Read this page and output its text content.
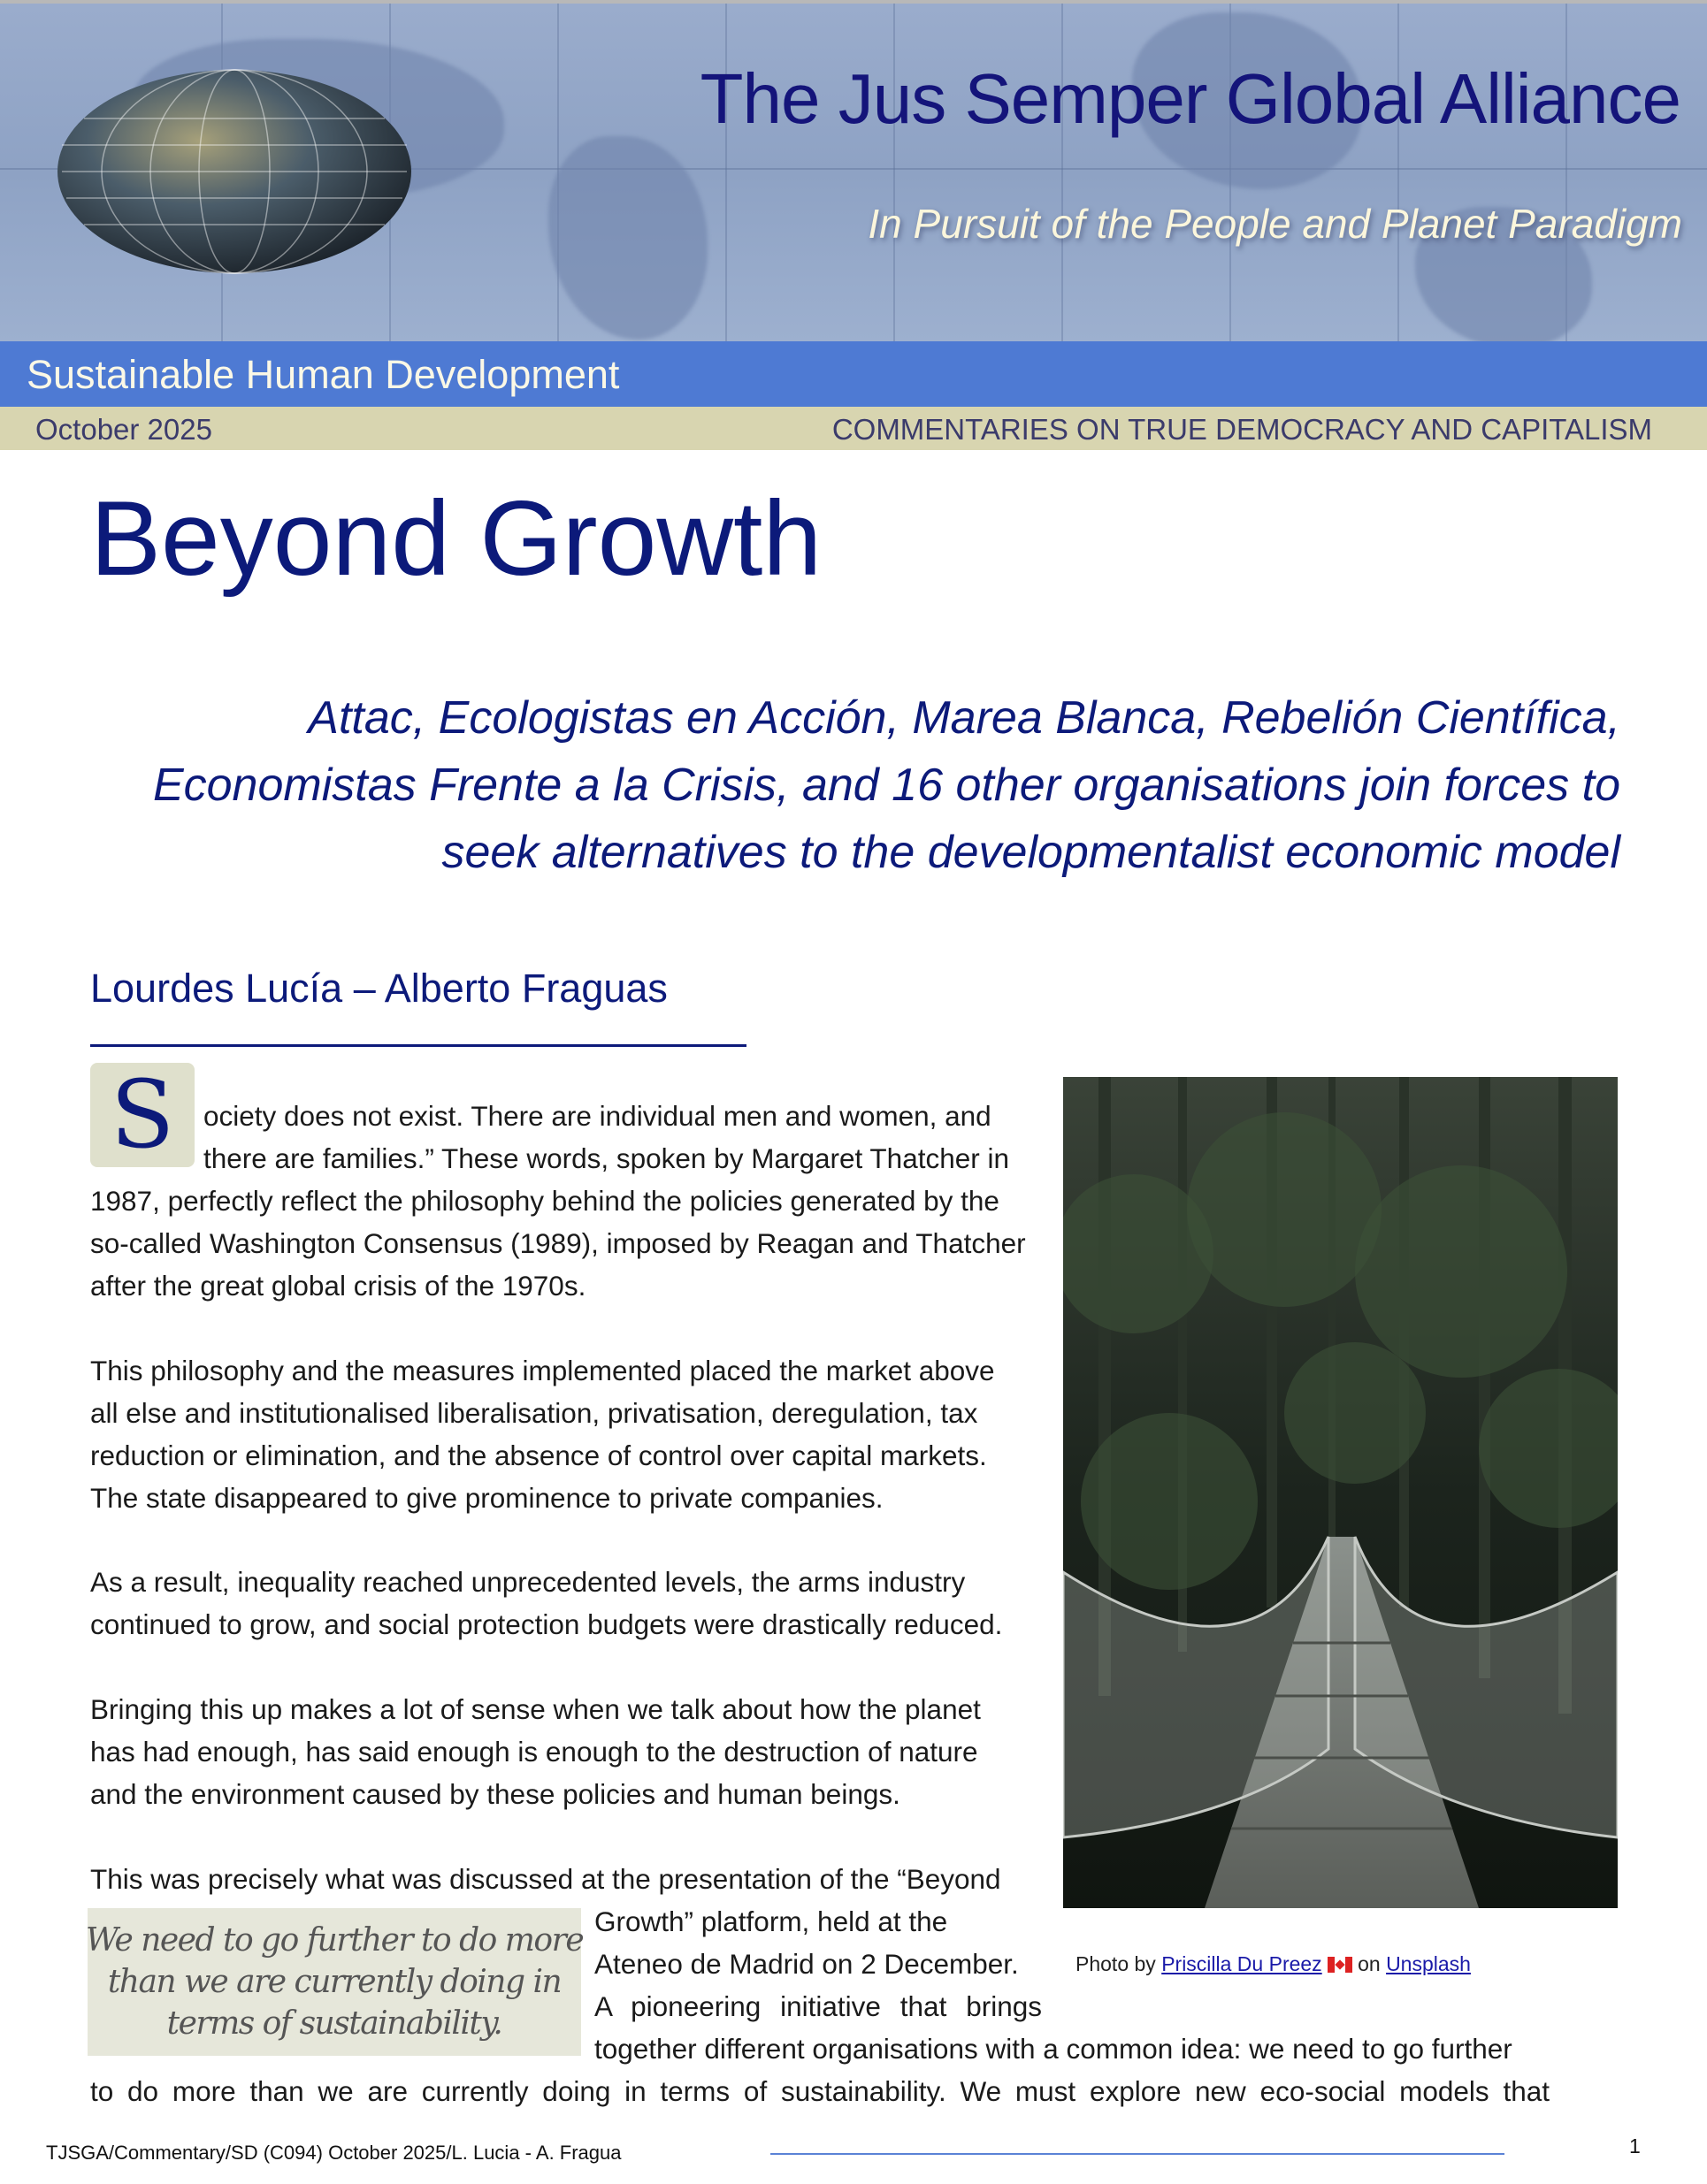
The Jus Semper Global Alliance
In Pursuit of the People and Planet Paradigm
Sustainable Human Development
October 2025	COMMENTARIES ON TRUE DEMOCRACY AND CAPITALISM
Beyond Growth
Attac, Ecologistas en Acción, Marea Blanca, Rebelión Científica,
Economistas Frente a la Crisis, and 16 other organisations join forces to
seek alternatives to the developmentalist economic model
Lourdes Lucía – Alberto Fraguas
S	ociety does not exist. There are individual men and women, and
there are families.” These words, spoken by Margaret Thatcher in
1987, perfectly reflect the philosophy behind the policies generated by the
so-called Washington Consensus (1989), imposed by Reagan and Thatcher
after the great global crisis of the 1970s.
This philosophy and the measures implemented placed the market above
all else and institutionalised liberalisation, privatisation, deregulation, tax
reduction or elimination, and the absence of control over capital markets.
The state disappeared to give prominence to private companies.
As a result, inequality reached unprecedented levels, the arms industry
continued to grow, and social protection budgets were drastically reduced.
Bringing this up makes a lot of sense when we talk about how the planet
has had enough, has said enough is enough to the destruction of nature
and the environment caused by these policies and human beings.
This was precisely what was discussed at the presentation of the “Beyond
Growth” platform, held at the
Ateneo de Madrid on 2 December.
A pioneering initiative that brings
together different organisations with a common idea: we need to go further
to do more than we are currently doing in terms of sustainability. We must explore new eco-social models that
We need to go further to do more
than we are currently doing in
terms of sustainability.
Photo by Priscilla Du Preez on Unsplash
TJSGA/Commentary/SD (C094) October 2025/L. Lucia - A. Fragua	1
